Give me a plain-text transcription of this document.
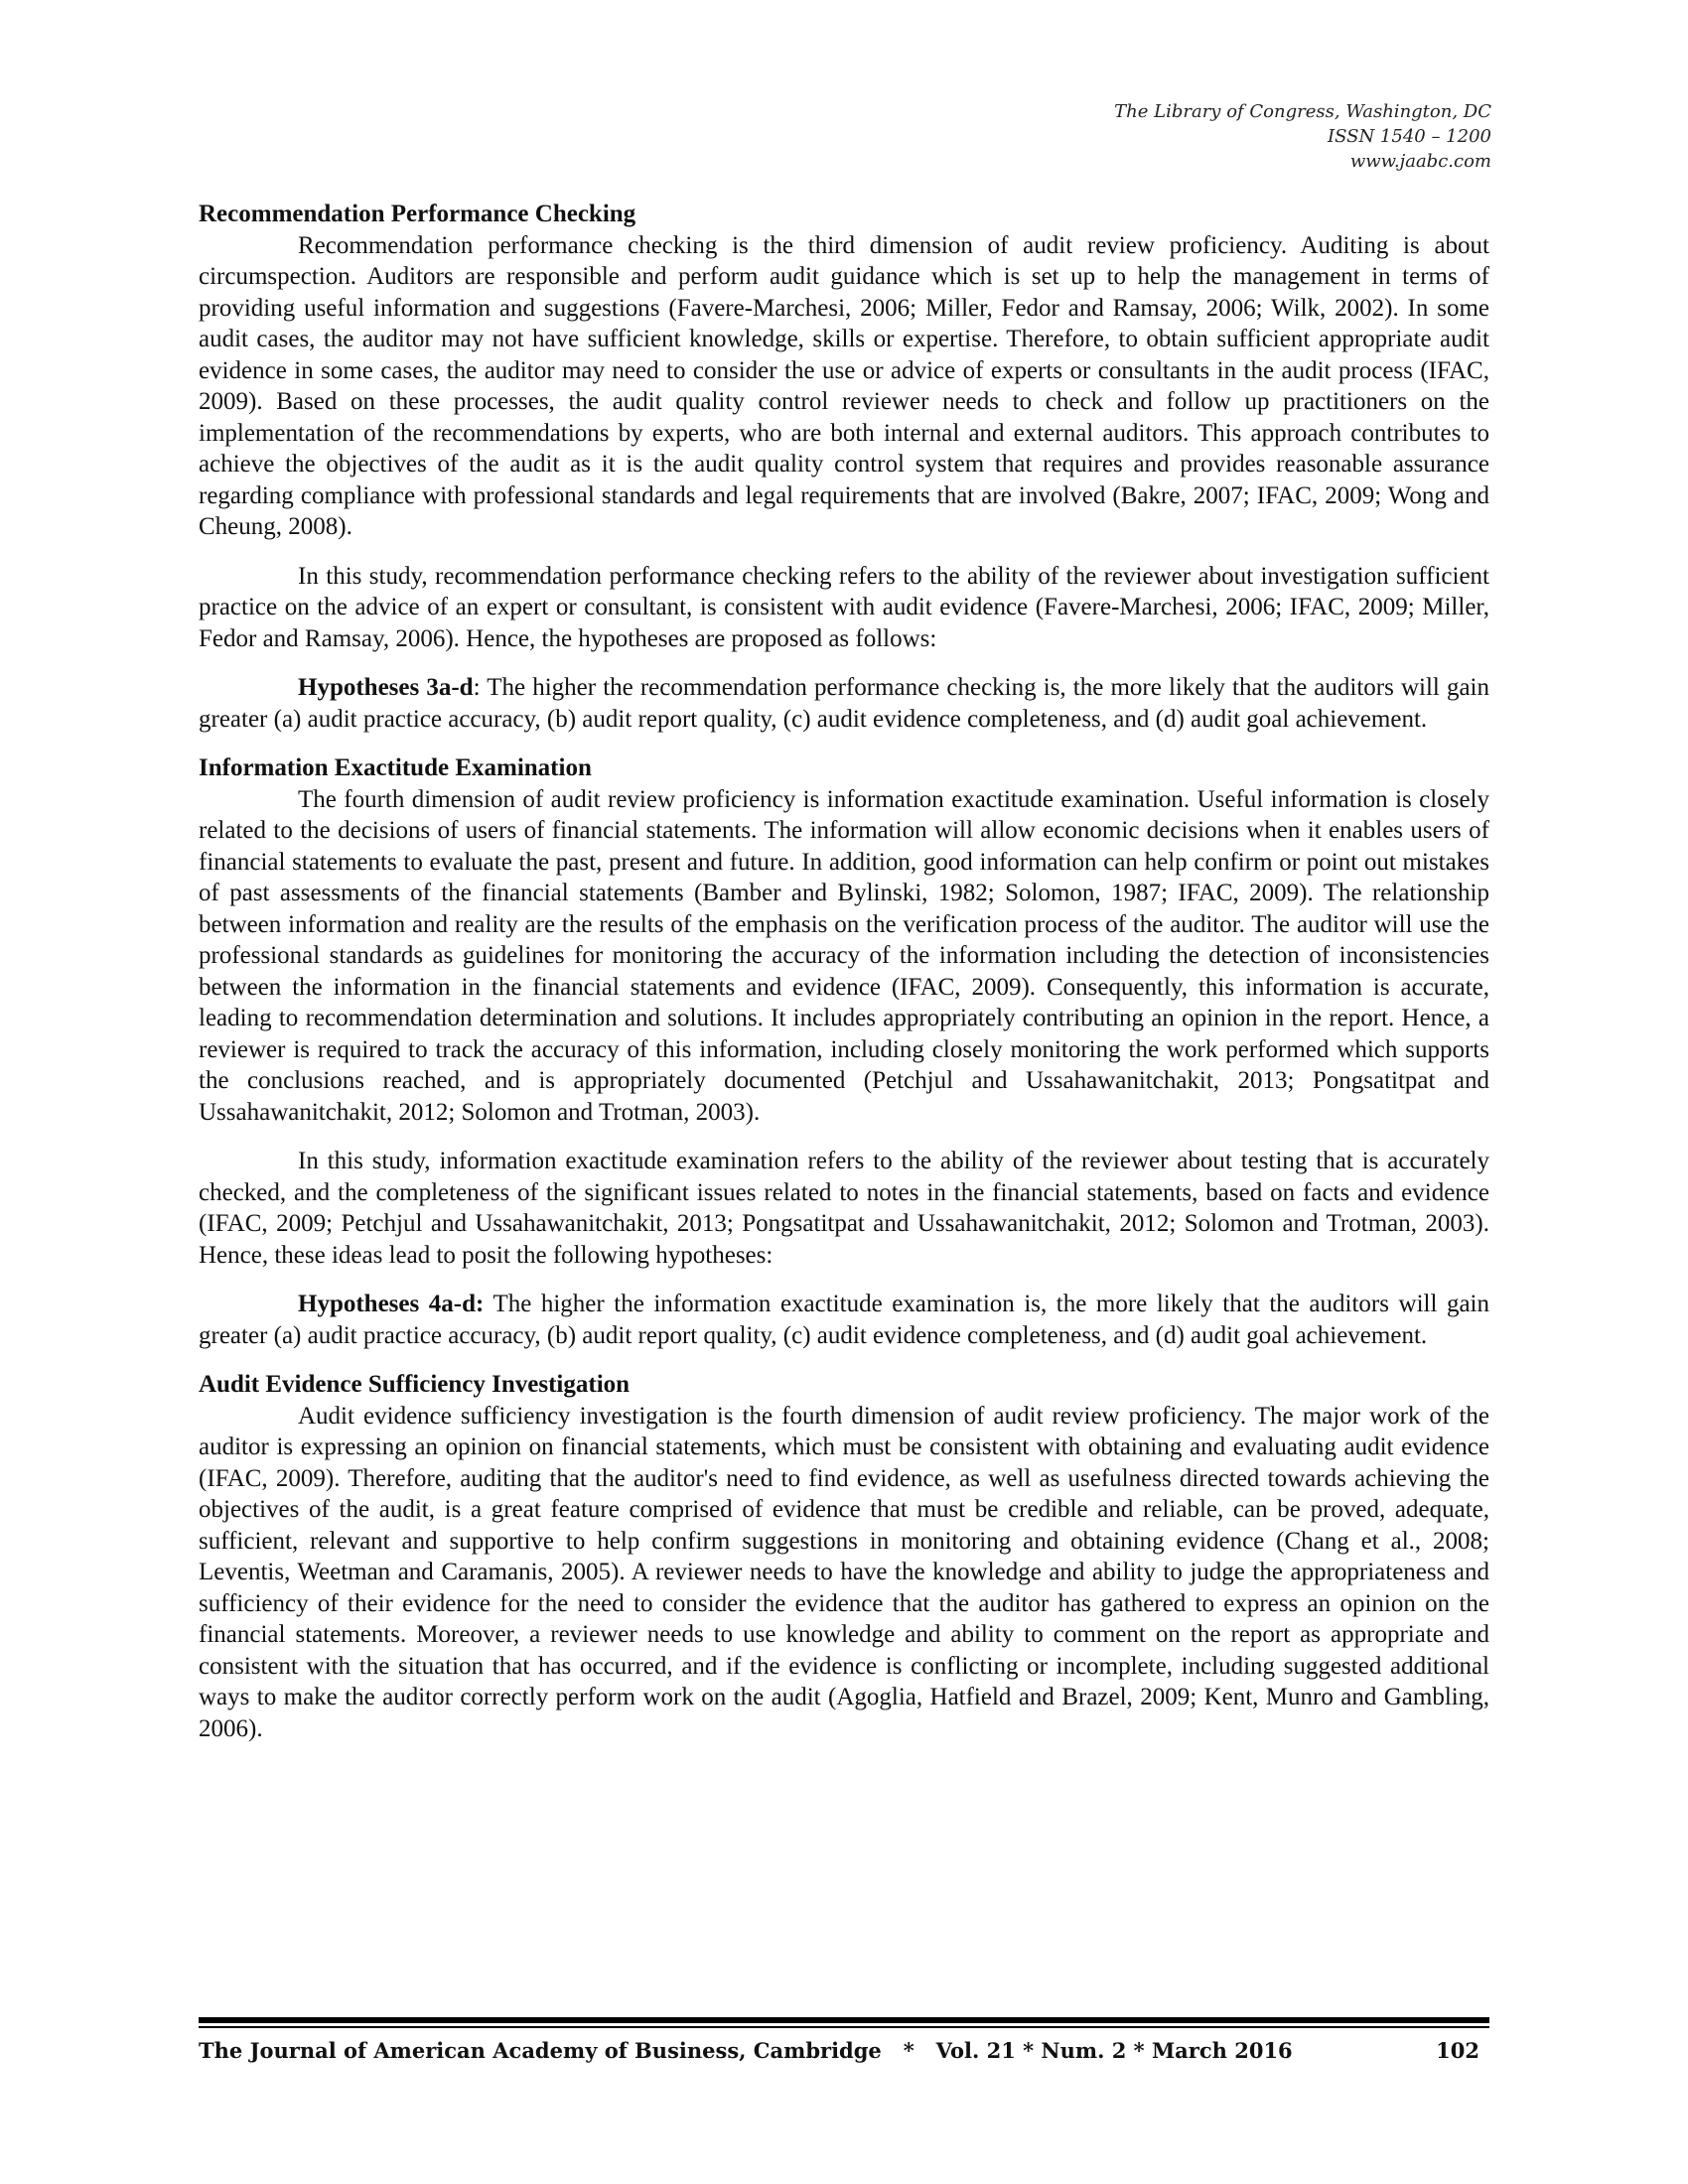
The Library of Congress, Washington, DC
ISSN 1540 – 1200
www.jaabc.com
Recommendation Performance Checking

Recommendation performance checking is the third dimension of audit review proficiency. Auditing is about circumspection. Auditors are responsible and perform audit guidance which is set up to help the management in terms of providing useful information and suggestions (Favere-Marchesi, 2006; Miller, Fedor and Ramsay, 2006; Wilk, 2002). In some audit cases, the auditor may not have sufficient knowledge, skills or expertise. Therefore, to obtain sufficient appropriate audit evidence in some cases, the auditor may need to consider the use or advice of experts or consultants in the audit process (IFAC, 2009). Based on these processes, the audit quality control reviewer needs to check and follow up practitioners on the implementation of the recommendations by experts, who are both internal and external auditors. This approach contributes to achieve the objectives of the audit as it is the audit quality control system that requires and provides reasonable assurance regarding compliance with professional standards and legal requirements that are involved (Bakre, 2007; IFAC, 2009; Wong and Cheung, 2008).

In this study, recommendation performance checking refers to the ability of the reviewer about investigation sufficient practice on the advice of an expert or consultant, is consistent with audit evidence (Favere-Marchesi, 2006; IFAC, 2009; Miller, Fedor and Ramsay, 2006). Hence, the hypotheses are proposed as follows:

Hypotheses 3a-d: The higher the recommendation performance checking is, the more likely that the auditors will gain greater (a) audit practice accuracy, (b) audit report quality, (c) audit evidence completeness, and (d) audit goal achievement.

Information Exactitude Examination

The fourth dimension of audit review proficiency is information exactitude examination. Useful information is closely related to the decisions of users of financial statements. The information will allow economic decisions when it enables users of financial statements to evaluate the past, present and future. In addition, good information can help confirm or point out mistakes of past assessments of the financial statements (Bamber and Bylinski, 1982; Solomon, 1987; IFAC, 2009). The relationship between information and reality are the results of the emphasis on the verification process of the auditor. The auditor will use the professional standards as guidelines for monitoring the accuracy of the information including the detection of inconsistencies between the information in the financial statements and evidence (IFAC, 2009). Consequently, this information is accurate, leading to recommendation determination and solutions. It includes appropriately contributing an opinion in the report. Hence, a reviewer is required to track the accuracy of this information, including closely monitoring the work performed which supports the conclusions reached, and is appropriately documented (Petchjul and Ussahawanitchakit, 2013; Pongsatitpat and Ussahawanitchakit, 2012; Solomon and Trotman, 2003).

In this study, information exactitude examination refers to the ability of the reviewer about testing that is accurately checked, and the completeness of the significant issues related to notes in the financial statements, based on facts and evidence (IFAC, 2009; Petchjul and Ussahawanitchakit, 2013; Pongsatitpat and Ussahawanitchakit, 2012; Solomon and Trotman, 2003). Hence, these ideas lead to posit the following hypotheses:

Hypotheses 4a-d: The higher the information exactitude examination is, the more likely that the auditors will gain greater (a) audit practice accuracy, (b) audit report quality, (c) audit evidence completeness, and (d) audit goal achievement.

Audit Evidence Sufficiency Investigation

Audit evidence sufficiency investigation is the fourth dimension of audit review proficiency. The major work of the auditor is expressing an opinion on financial statements, which must be consistent with obtaining and evaluating audit evidence (IFAC, 2009). Therefore, auditing that the auditor's need to find evidence, as well as usefulness directed towards achieving the objectives of the audit, is a great feature comprised of evidence that must be credible and reliable, can be proved, adequate, sufficient, relevant and supportive to help confirm suggestions in monitoring and obtaining evidence (Chang et al., 2008; Leventis, Weetman and Caramanis, 2005). A reviewer needs to have the knowledge and ability to judge the appropriateness and sufficiency of their evidence for the need to consider the evidence that the auditor has gathered to express an opinion on the financial statements. Moreover, a reviewer needs to use knowledge and ability to comment on the report as appropriate and consistent with the situation that has occurred, and if the evidence is conflicting or incomplete, including suggested additional ways to make the auditor correctly perform work on the audit (Agoglia, Hatfield and Brazel, 2009; Kent, Munro and Gambling, 2006).

The Journal of American Academy of Business, Cambridge   *   Vol. 21 * Num. 2 * March 2016	102
